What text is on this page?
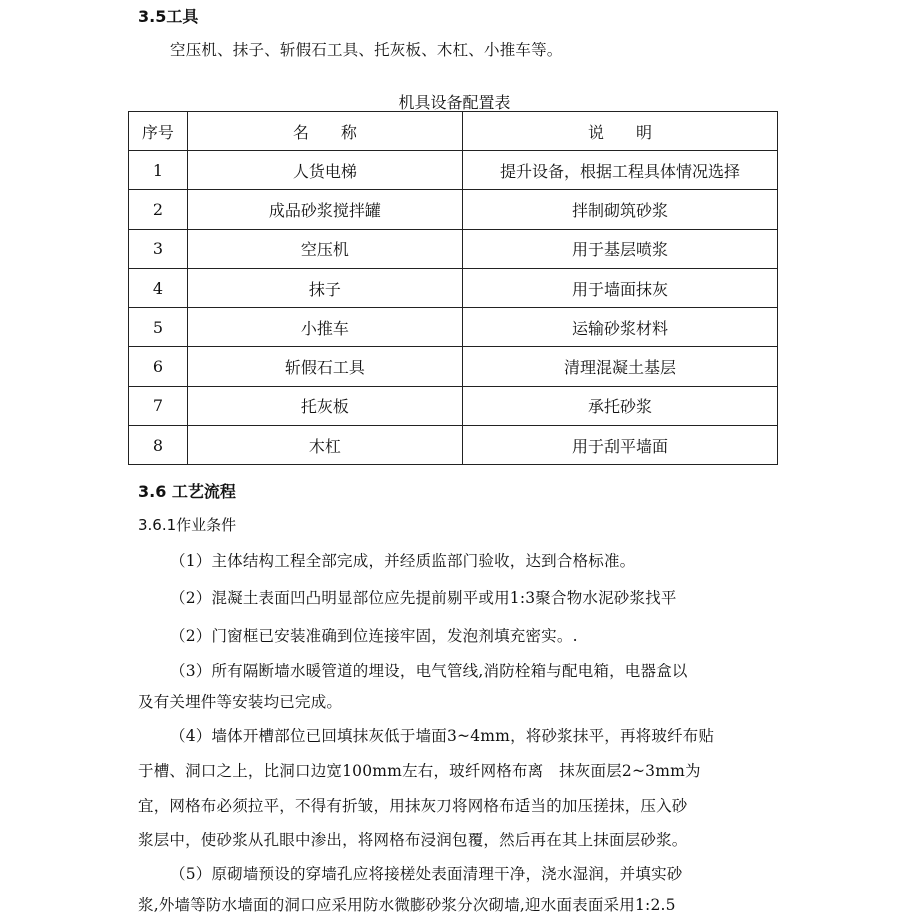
3.5工具
空压机、抹子、斩假石工具、托灰板、木杠、小推车等。
机具设备配置表
序号	名　　称	说　　明
1	人货电梯	提升设备，根据工程具体情况选择
2	成品砂浆搅拌罐	拌制砌筑砂浆
3	空压机	用于基层喷浆
4	抹子	用于墙面抹灰
5	小推车	运输砂浆材料
6	斩假石工具	清理混凝土基层
7	托灰板	承托砂浆
8	木杠	用于刮平墙面
3.6 工艺流程
3.6.1作业条件
（1）主体结构工程全部完成，并经质监部门验收，达到合格标准。
（2）混凝土表面凹凸明显部位应先提前剔平或用1:3聚合物水泥砂浆找平
（2）门窗框已安装准确到位连接牢固，发泡剂填充密实。.
（3）所有隔断墙水暖管道的埋设，电气管线,消防栓箱与配电箱，电器盒以
及有关埋件等安装均已完成。
（4）墙体开槽部位已回填抹灰低于墙面3~4mm，将砂浆抹平，再将玻纤布贴
于槽、洞口之上，比洞口边宽100mm左右，玻纤网格布离　抹灰面层2~3mm为
宜，网格布必须拉平，不得有折皱，用抹灰刀将网格布适当的加压搓抹，压入砂
浆层中，使砂浆从孔眼中渗出，将网格布浸润包覆，然后再在其上抹面层砂浆。
（5）原砌墙预设的穿墙孔应将接槎处表面清理干净，浇水湿润，并填实砂
浆,外墙等防水墙面的洞口应采用防水微膨砂浆分次砌墙,迎水面表面采用1:2.5
